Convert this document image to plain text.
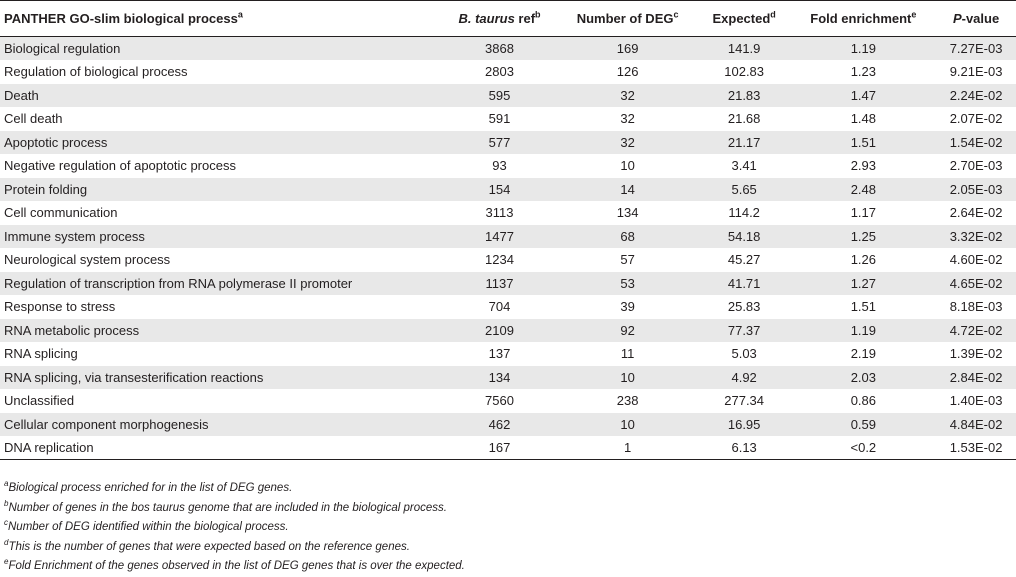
PANTHER GO-slim biological process$^a$	B. taurus ref$^b$	Number of DEG$^c$	Expected$^d$	Fold enrichment$^e$	P-value
Biological regulation	3868	169	141.9	1.19	7.27E-03
Regulation of biological process	2803	126	102.83	1.23	9.21E-03
Death	595	32	21.83	1.47	2.24E-02
Cell death	591	32	21.68	1.48	2.07E-02
Apoptotic process	577	32	21.17	1.51	1.54E-02
Negative regulation of apoptotic process	93	10	3.41	2.93	2.70E-03
Protein folding	154	14	5.65	2.48	2.05E-03
Cell communication	3113	134	114.2	1.17	2.64E-02
Immune system process	1477	68	54.18	1.25	3.32E-02
Neurological system process	1234	57	45.27	1.26	4.60E-02
Regulation of transcription from RNA polymerase II promoter	1137	53	41.71	1.27	4.65E-02
Response to stress	704	39	25.83	1.51	8.18E-03
RNA metabolic process	2109	92	77.37	1.19	4.72E-02
RNA splicing	137	11	5.03	2.19	1.39E-02
RNA splicing, via transesterification reactions	134	10	4.92	2.03	2.84E-02
Unclassified	7560	238	277.34	0.86	1.40E-03
Cellular component morphogenesis	462	10	16.95	0.59	4.84E-02
DNA replication	167	1	6.13	<0.2	1.53E-02
$^a$Biological process enriched for in the list of DEG genes.
$^b$Number of genes in the bos taurus genome that are included in the biological process.
$^c$Number of DEG identified within the biological process.
$^d$This is the number of genes that were expected based on the reference genes.
$^e$Fold Enrichment of the genes observed in the list of DEG genes that is over the expected.
